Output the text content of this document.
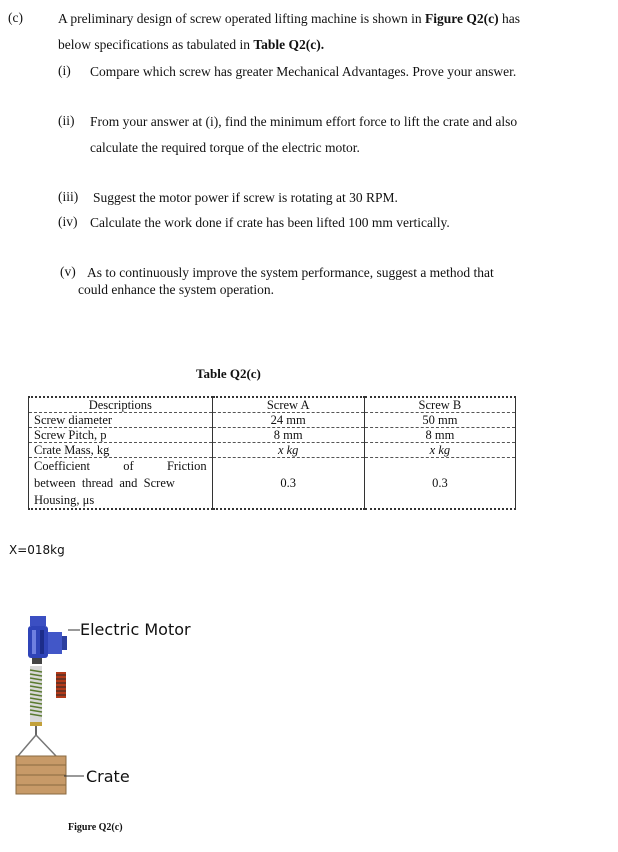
(c)	A preliminary design of screw operated lifting machine is shown in Figure Q2(c) has
below specifications as tabulated in Table Q2(c).
(i) Compare which screw has greater Mechanical Advantages. Prove your answer.
(ii) From your answer at (i), find the minimum effort force to lift the crate and also
calculate the required torque of the electric motor.
(iii) Suggest the motor power if screw is rotating at 30 RPM.
(iv) Calculate the work done if crate has been lifted 100 mm vertically.
(v) As to continuously improve the system performance, suggest a method that
could enhance the system operation.
Table Q2(c)
Descriptions	Screw A	Screw B
Screw diameter	24 mm	50 mm
Screw Pitch, p	8 mm	8 mm
Crate Mass, kg	x kg	x kg

Coefficient of Friction
between  thread  and  Screw
Housing, μs	0.3	0.3
X=018kg
Electric Motor
Crate
Figure Q2(c)
